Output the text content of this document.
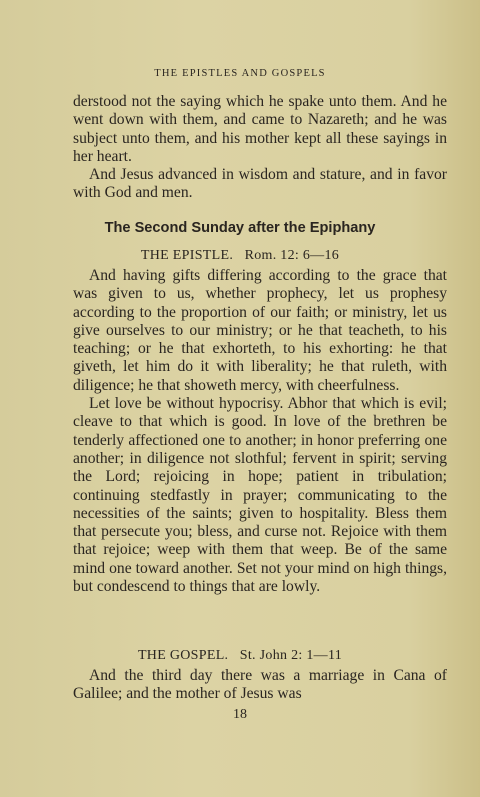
THE EPISTLES AND GOSPELS

derstood not the saying which he spake unto them. And he went down with them, and came to Nazareth; and he was subject unto them, and his mother kept all these sayings in her heart.

And Jesus advanced in wisdom and stature, and in favor with God and men.

The Second Sunday after the Epiphany
THE EPISTLE. Rom. 12: 6—16

And having gifts differing according to the grace that was given to us, whether prophecy, let us prophesy according to the proportion of our faith; or ministry, let us give ourselves to our ministry; or he that teacheth, to his teaching; or he that exhorteth, to his exhorting: he that giveth, let him do it with liberality; he that ruleth, with diligence; he that showeth mercy, with cheerfulness.

Let love be without hypocrisy. Abhor that which is evil; cleave to that which is good. In love of the brethren be tenderly affectioned one to another; in honor preferring one another; in diligence not slothful; fervent in spirit; serving the Lord; rejoicing in hope; patient in tribulation; continuing stedfastly in prayer; communicating to the necessities of the saints; given to hospitality. Bless them that persecute you; bless, and curse not. Rejoice with them that rejoice; weep with them that weep. Be of the same mind one toward another. Set not your mind on high things, but condescend to things that are lowly.

THE GOSPEL. St. John 2: 1—11

And the third day there was a marriage in Cana of Galilee; and the mother of Jesus was

18
